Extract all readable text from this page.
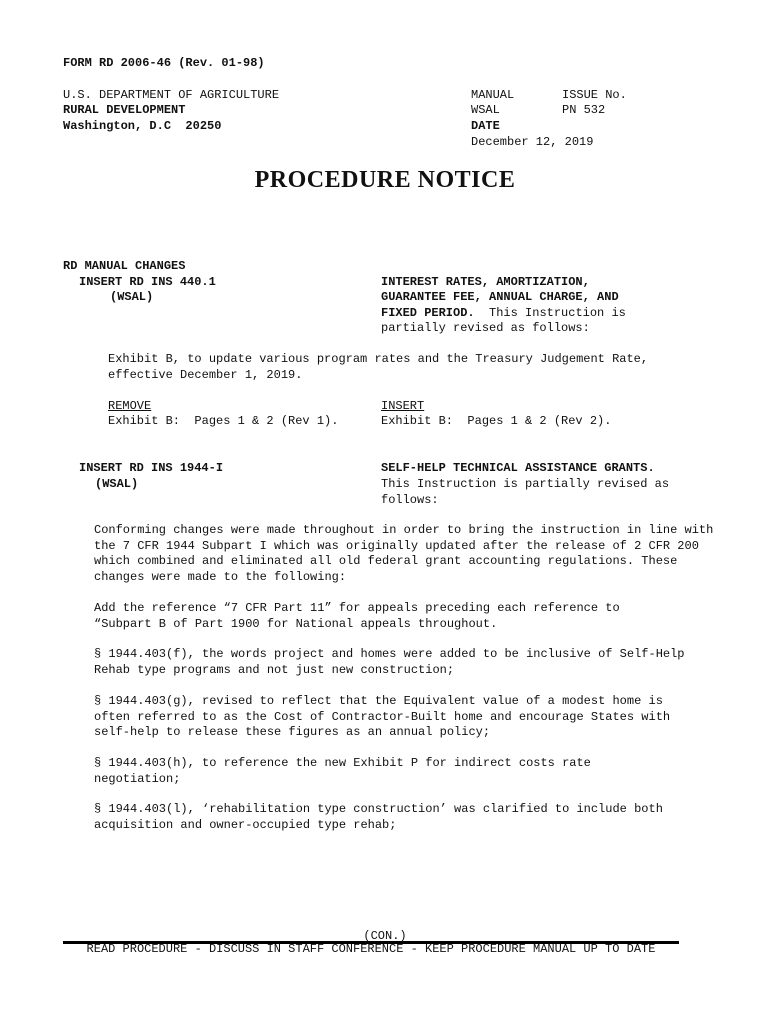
FORM RD 2006-46 (Rev. 01-98)
U.S. DEPARTMENT OF AGRICULTURE
RURAL DEVELOPMENT
Washington, D.C  20250
MANUAL	ISSUE No.
WSAL	PN 532
DATE
December 12, 2019
PROCEDURE NOTICE
RD MANUAL CHANGES
INSERT RD INS 440.1
(WSAL)
INTEREST RATES, AMORTIZATION,
GUARANTEE FEE, ANNUAL CHARGE, AND
FIXED PERIOD. This Instruction is
partially revised as follows:
Exhibit B, to update various program rates and the Treasury Judgement Rate, effective December 1, 2019.
REMOVE
Exhibit B:  Pages 1 & 2 (Rev 1).
INSERT
Exhibit B:  Pages 1 & 2 (Rev 2).
INSERT RD INS 1944-I
(WSAL)
SELF-HELP TECHNICAL ASSISTANCE GRANTS.
This Instruction is partially revised as follows:
Conforming changes were made throughout in order to bring the instruction in line with the 7 CFR 1944 Subpart I which was originally updated after the release of 2 CFR 200 which combined and eliminated all old federal grant accounting regulations. These changes were made to the following:
Add the reference “7 CFR Part 11” for appeals preceding each reference to “Subpart B of Part 1900 for National appeals throughout.
§ 1944.403(f), the words project and homes were added to be inclusive of Self-Help Rehab type programs and not just new construction;
§ 1944.403(g), revised to reflect that the Equivalent value of a modest home is often referred to as the Cost of Contractor-Built home and encourage States with self-help to release these figures as an annual policy;
§ 1944.403(h), to reference the new Exhibit P for indirect costs rate negotiation;
§ 1944.403(l), ‘rehabilitation type construction’ was clarified to include both acquisition and owner-occupied type rehab;
(CON.)
READ PROCEDURE - DISCUSS IN STAFF CONFERENCE - KEEP PROCEDURE MANUAL UP TO DATE
